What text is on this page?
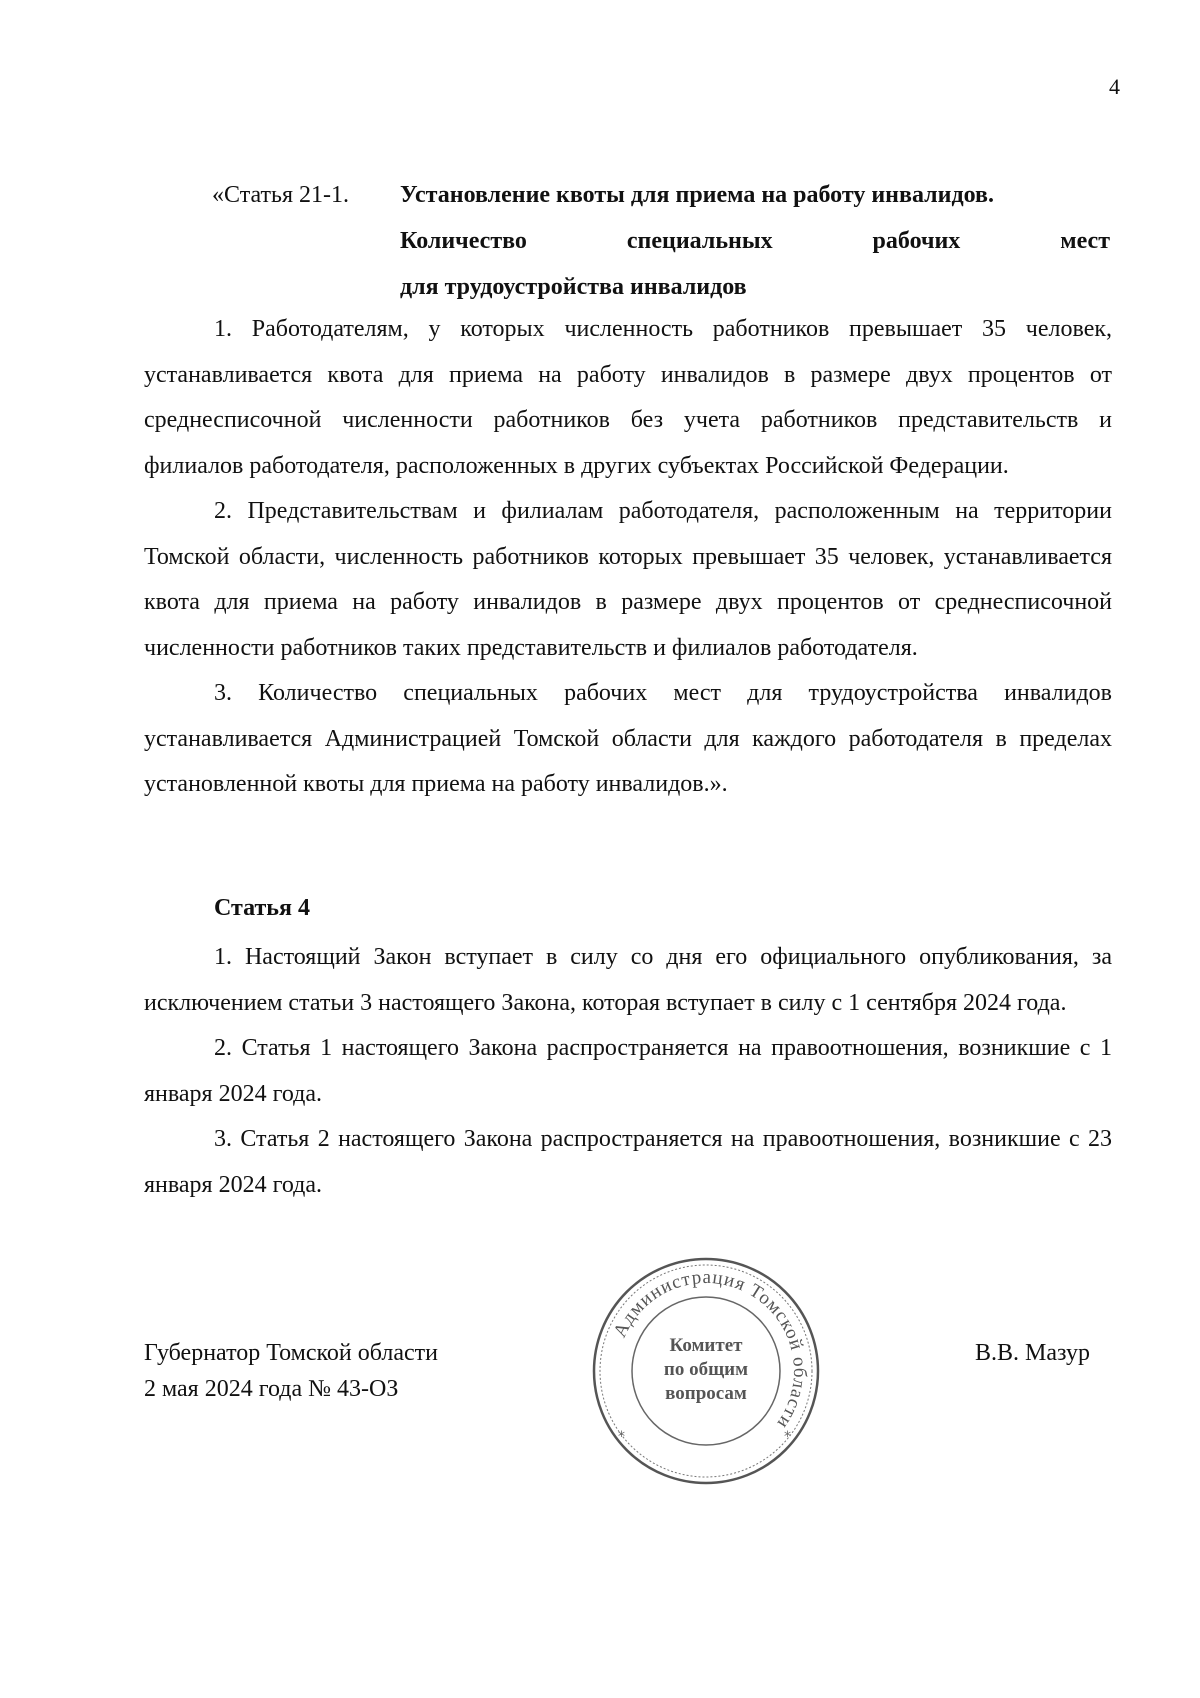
4
«Статья 21-1. Установление квоты для приема на работу инвалидов.
Количество специальных рабочих мест
для трудоустройства инвалидов

1. Работодателям, у которых численность работников превышает 35 человек, устанавливается квота для приема на работу инвалидов в размере двух процентов от среднесписочной численности работников без учета работников представительств и филиалов работодателя, расположенных в других субъектах Российской Федерации.

2. Представительствам и филиалам работодателя, расположенным на территории Томской области, численность работников которых превышает 35 человек, устанавливается квота для приема на работу инвалидов в размере двух процентов от среднесписочной численности работников таких представительств и филиалов работодателя.

3. Количество специальных рабочих мест для трудоустройства инвалидов устанавливается Администрацией Томской области для каждого работодателя в пределах установленной квоты для приема на работу инвалидов.».

Статья 4

1. Настоящий Закон вступает в силу со дня его официального опубликования, за исключением статьи 3 настоящего Закона, которая вступает в силу с 1 сентября 2024 года.

2. Статья 1 настоящего Закона распространяется на правоотношения, возникшие с 1 января 2024 года.

3. Статья 2 настоящего Закона распространяется на правоотношения, возникшие с 23 января 2024 года.

Губернатор Томской области
2 мая 2024 года № 43-ОЗ
В.В. Мазур
Администрация Томской области
*	*
Комитет
по общим
вопросам
